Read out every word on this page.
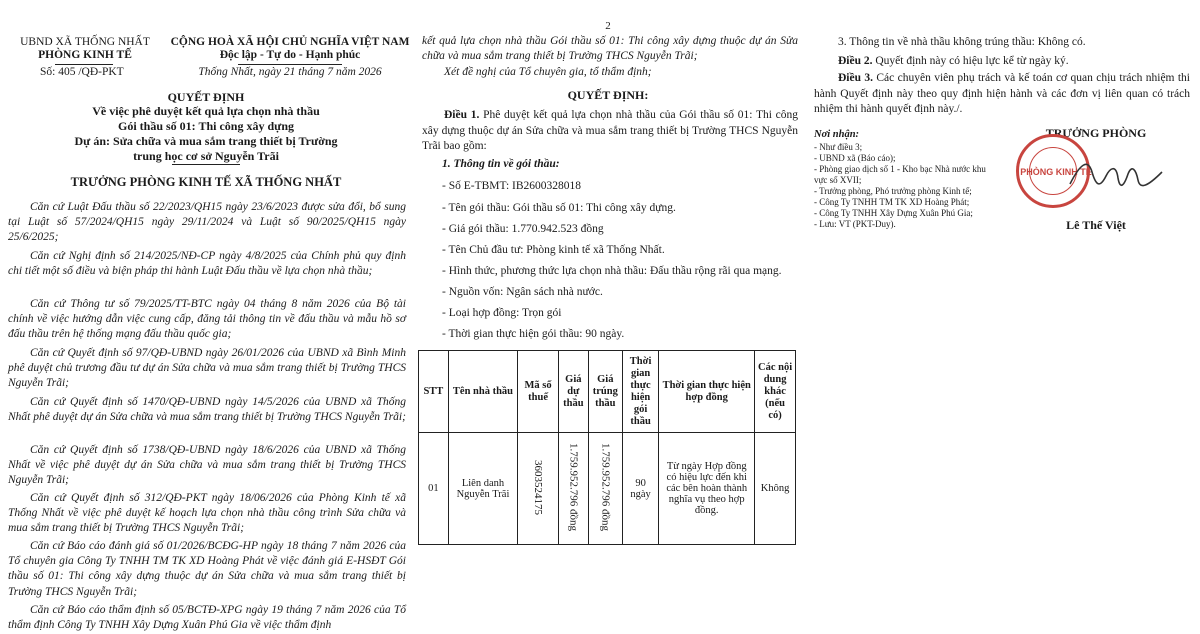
UBND XÃ THỐNG NHẤT
PHÒNG KINH TẾ
Số: 405 /QĐ-PKT
CỘNG HOÀ XÃ HỘI CHỦ NGHĨA VIỆT NAM
Độc lập - Tự do - Hạnh phúc
Thống Nhất, ngày 21 tháng 7 năm 2026
QUYẾT ĐỊNH
Về việc phê duyệt kết quả lựa chọn nhà thầu
Gói thầu số 01: Thi công xây dựng
Dự án: Sửa chữa và mua sắm trang thiết bị Trường
trung học cơ sở Nguyễn Trãi
TRƯỞNG PHÒNG KINH TẾ XÃ THỐNG NHẤT

Căn cứ Luật Đấu thầu số 22/2023/QH15 ngày 23/6/2023 được sửa đổi, bổ sung tại Luật số 57/2024/QH15 ngày 29/11/2024 và Luật số 90/2025/QH15 ngày 25/6/2025;

Căn cứ Nghị định số 214/2025/NĐ-CP ngày 4/8/2025 của Chính phủ quy định chi tiết một số điều và biện pháp thi hành Luật Đấu thầu về lựa chọn nhà thầu;

Căn cứ Thông tư số 79/2025/TT-BTC ngày 04 tháng 8 năm 2026 của Bộ tài chính về việc hướng dẫn việc cung cấp, đăng tải thông tin về đấu thầu và mẫu hồ sơ đấu thầu trên hệ thống mạng đấu thầu quốc gia;

Căn cứ Quyết định số 97/QĐ-UBND ngày 26/01/2026 của UBND xã Bình Minh phê duyệt chủ trương đầu tư dự án Sửa chữa và mua sắm trang thiết bị Trường THCS Nguyễn Trãi;

Căn cứ Quyết định số 1470/QĐ-UBND ngày 14/5/2026 của UBND xã Thống Nhất phê duyệt dự án Sửa chữa và mua sắm trang thiết bị Trường THCS Nguyễn Trãi;

Căn cứ Quyết định số 1738/QĐ-UBND ngày 18/6/2026 của UBND xã Thống Nhất về việc phê duyệt dự án Sửa chữa và mua sắm trang thiết bị Trường THCS Nguyễn Trãi;

Căn cứ Quyết định số 312/QĐ-PKT ngày 18/06/2026 của Phòng Kinh tế xã Thống Nhất về việc phê duyệt kế hoạch lựa chọn nhà thầu công trình Sửa chữa và mua sắm trang thiết bị Trường THCS Nguyễn Trãi;

Căn cứ Báo cáo đánh giá số 01/2026/BCĐG-HP ngày 18 tháng 7 năm 2026 của Tổ chuyên gia Công Ty TNHH TM TK XD Hoàng Phát về việc đánh giá E-HSĐT Gói thầu số 01: Thi công xây dựng thuộc dự án Sửa chữa và mua sắm trang thiết bị Trường THCS Nguyễn Trãi;

Căn cứ Báo cáo thẩm định số 05/BCTĐ-XPG ngày 19 tháng 7 năm 2026 của Tổ thẩm định Công Ty TNHH Xây Dựng Xuân Phú Gia về việc thẩm định

2

kết quả lựa chọn nhà thầu Gói thầu số 01: Thi công xây dựng thuộc dự án Sửa chữa và mua sắm trang thiết bị Trường THCS Nguyễn Trãi;

Xét đề nghị của Tổ chuyên gia, tổ thẩm định;
QUYẾT ĐỊNH:

Điều 1. Phê duyệt kết quả lựa chọn nhà thầu của Gói thầu số 01: Thi công xây dựng thuộc dự án Sửa chữa và mua sắm trang thiết bị Trường THCS Nguyễn Trãi bao gồm:

1. Thông tin về gói thầu:
- Số E-TBMT: IB2600328018
- Tên gói thầu: Gói thầu số 01: Thi công xây dựng.
- Giá gói thầu: 1.770.942.523 đồng
- Tên Chủ đầu tư: Phòng kinh tế xã Thống Nhất.
- Hình thức, phương thức lựa chọn nhà thầu: Đấu thầu rộng rãi qua mạng.
- Nguồn vốn: Ngân sách nhà nước.
- Loại hợp đồng: Trọn gói
- Thời gian thực hiện gói thầu: 90 ngày.
STT	Tên nhà thầu	Mã số thuế	Giá dự thầu	Giá trúng thầu	Thời gian thực hiện gói thầu	Thời gian thực hiện hợp đồng	Các nội dung khác (nếu có)
01	Liên danh Nguyễn Trãi	3603524175	1.759.952.796 đồng	1.759.952.796 đồng	90 ngày	Từ ngày Hợp đồng có hiệu lực đến khi các bên hoàn thành nghĩa vụ theo hợp đồng.	Không
3. Thông tin về nhà thầu không trúng thầu: Không có.
Điều 2. Quyết định này có hiệu lực kể từ ngày ký.

Điều 3. Các chuyên viên phụ trách và kế toán cơ quan chịu trách nhiệm thi hành Quyết định này theo quy định hiện hành và các đơn vị liên quan có trách nhiệm thi hành quyết định này./.

Nơi nhận:
- Như điều 3;
- UBND xã (Báo cáo);
- Phòng giao dịch số 1 - Kho bạc Nhà nước khu
vực số XVII;
- Trưởng phòng, Phó trưởng phòng Kinh tế;
- Công Ty TNHH TM TK XD Hoàng Phát;
- Công Ty TNHH Xây Dựng Xuân Phú Gia;
- Lưu: VT (PKT-Duy).
TRƯỞNG PHÒNG
PHÒNG KINH TẾ
Lê Thế Việt
